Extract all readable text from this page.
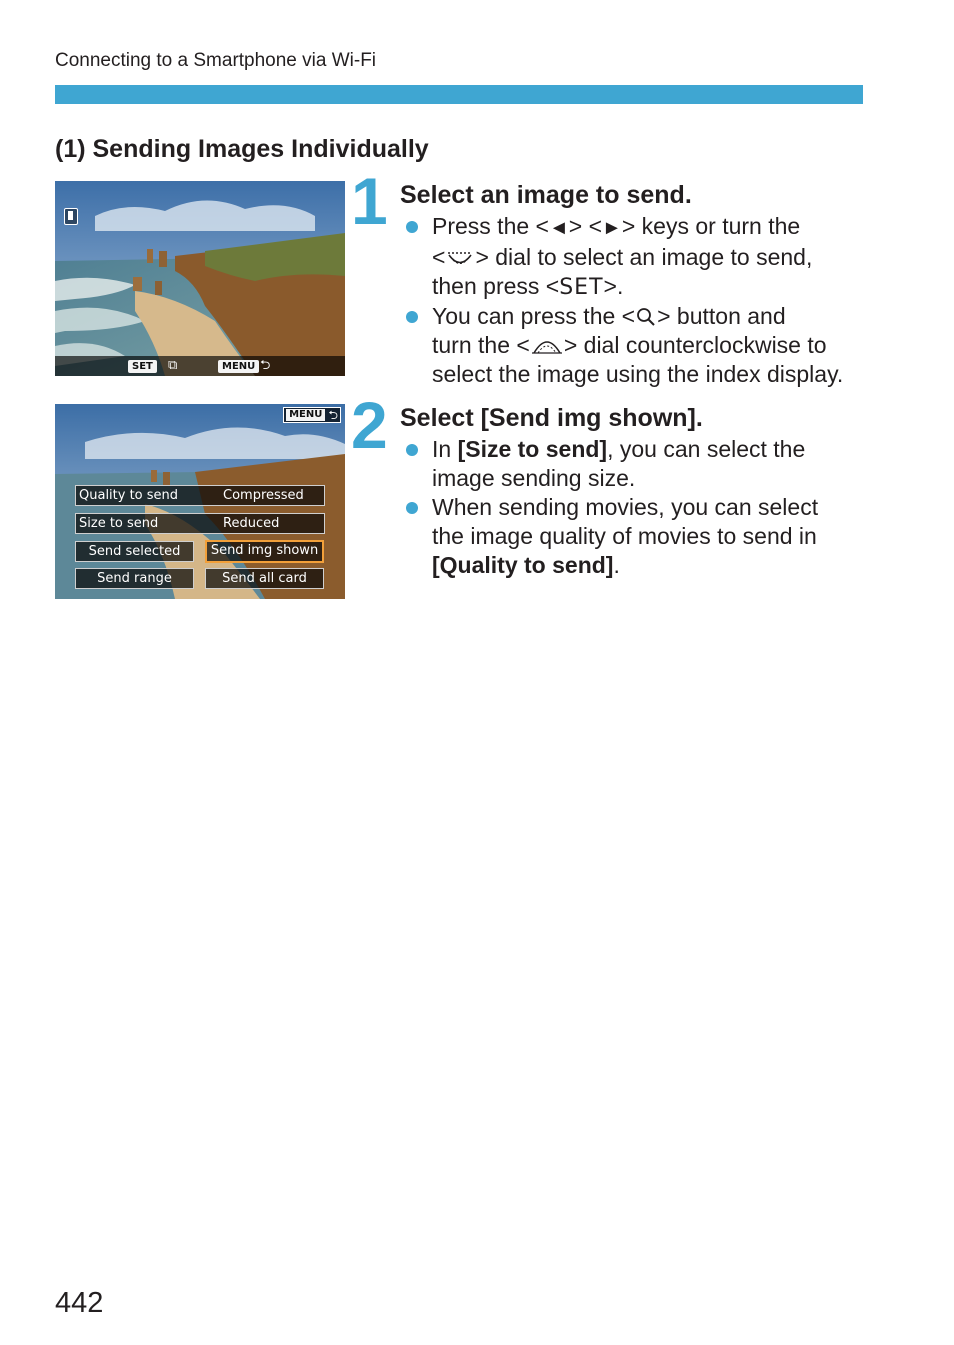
Connecting to a Smartphone via Wi-Fi
(1) Sending Images Individually
SET	⧉	MENU ⮌
1 Select an image to send.
Press the <◄> <►> keys or turn the
< > dial to select an image to send,
then press <SET>.
You can press the < > button and
turn the < > dial counterclockwise to
select the image using the index display.
MENU ⮌
Quality to send	Compressed
Size to send	Reduced
Send selected	Send img shown
Send range	Send all card
2 Select [Send img shown].
In [Size to send], you can select the
image sending size.
When sending movies, you can select
the image quality of movies to send in
[Quality to send].
442
